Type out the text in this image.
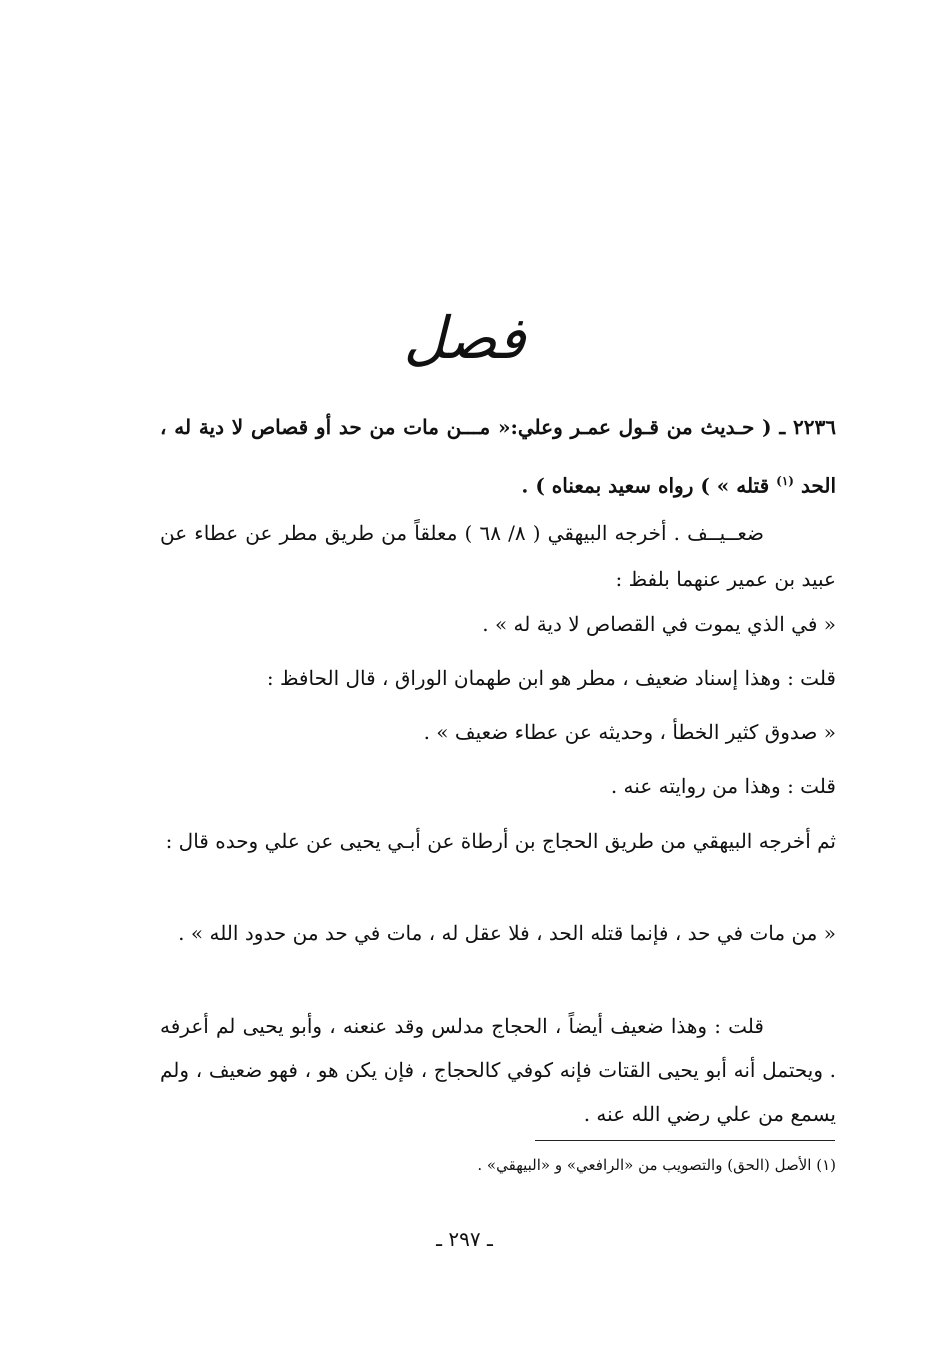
فصل
٢٢٣٦ ـ ( حـديث من قـول عمـر وعلي:« مـــن مات من حد أو قصاص لا دية له ، الحد $^{(١)}$ قتله » ) رواه سعيد بمعناه ) .
ضعــيــف . أخرجه البيهقي ( ٨/ ٦٨ ) معلقاً من طريق مطر عن عطاء عن عبيد بن عمير عنهما بلفظ :
« في الذي يموت في القصاص لا دية له » .
قلت : وهذا إسناد ضعيف ، مطر هو ابن طهمان الوراق ، قال الحافظ :
« صدوق كثير الخطأ ، وحديثه عن عطاء ضعيف » .
قلت : وهذا من روايته عنه .
ثم أخرجه البيهقي من طريق الحجاج بن أرطاة عن أبـي يحيى عن علي وحده قال :
« من مات في حد ، فإنما قتله الحد ، فلا عقل له ، مات في حد من حدود الله » .
قلت : وهذا ضعيف أيضاً ، الحجاج مدلس وقد عنعنه ، وأبو يحيى لم أعرفه . ويحتمل أنه أبو يحيى القتات فإنه كوفي كالحجاج ، فإن يكن هو ، فهو ضعيف ، ولم يسمع من علي رضي الله عنه .
(١) الأصل (الحق) والتصويب من «الرافعي» و «البيهقي» .
ـ ٢٩٧ ـ
